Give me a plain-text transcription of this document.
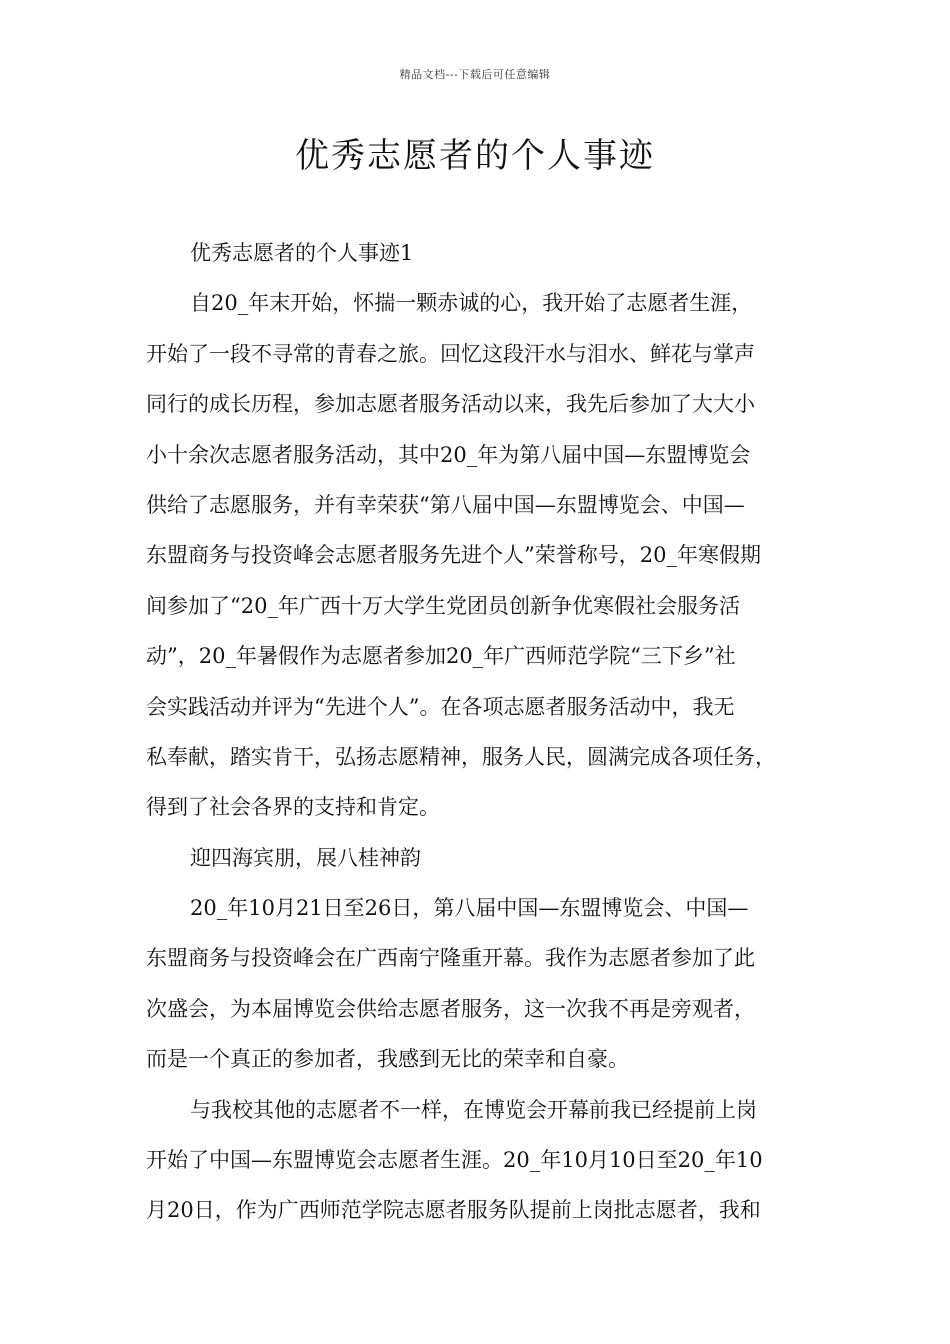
精品文档---下载后可任意编辑
优秀志愿者的个人事迹
优秀志愿者的个人事迹1
自20_年末开始，怀揣一颗赤诚的心，我开始了志愿者生涯，
开始了一段不寻常的青春之旅。回忆这段汗水与泪水、鲜花与掌声
同行的成长历程，参加志愿者服务活动以来，我先后参加了大大小
小十余次志愿者服务活动，其中20_年为第八届中国—东盟博览会
供给了志愿服务，并有幸荣获“第八届中国—东盟博览会、中国—
东盟商务与投资峰会志愿者服务先进个人”荣誉称号，20_年寒假期
间参加了“20_年广西十万大学生党团员创新争优寒假社会服务活
动”，20_年暑假作为志愿者参加20_年广西师范学院“三下乡”社
会实践活动并评为“先进个人”。在各项志愿者服务活动中，我无
私奉献，踏实肯干，弘扬志愿精神，服务人民，圆满完成各项任务，
得到了社会各界的支持和肯定。
迎四海宾朋，展八桂神韵
20_年10月21日至26日，第八届中国—东盟博览会、中国—
东盟商务与投资峰会在广西南宁隆重开幕。我作为志愿者参加了此
次盛会，为本届博览会供给志愿者服务，这一次我不再是旁观者，
而是一个真正的参加者，我感到无比的荣幸和自豪。
与我校其他的志愿者不一样，在博览会开幕前我已经提前上岗
开始了中国—东盟博览会志愿者生涯。20_年10月10日至20_年10
月20日，作为广西师范学院志愿者服务队提前上岗批志愿者，我和
